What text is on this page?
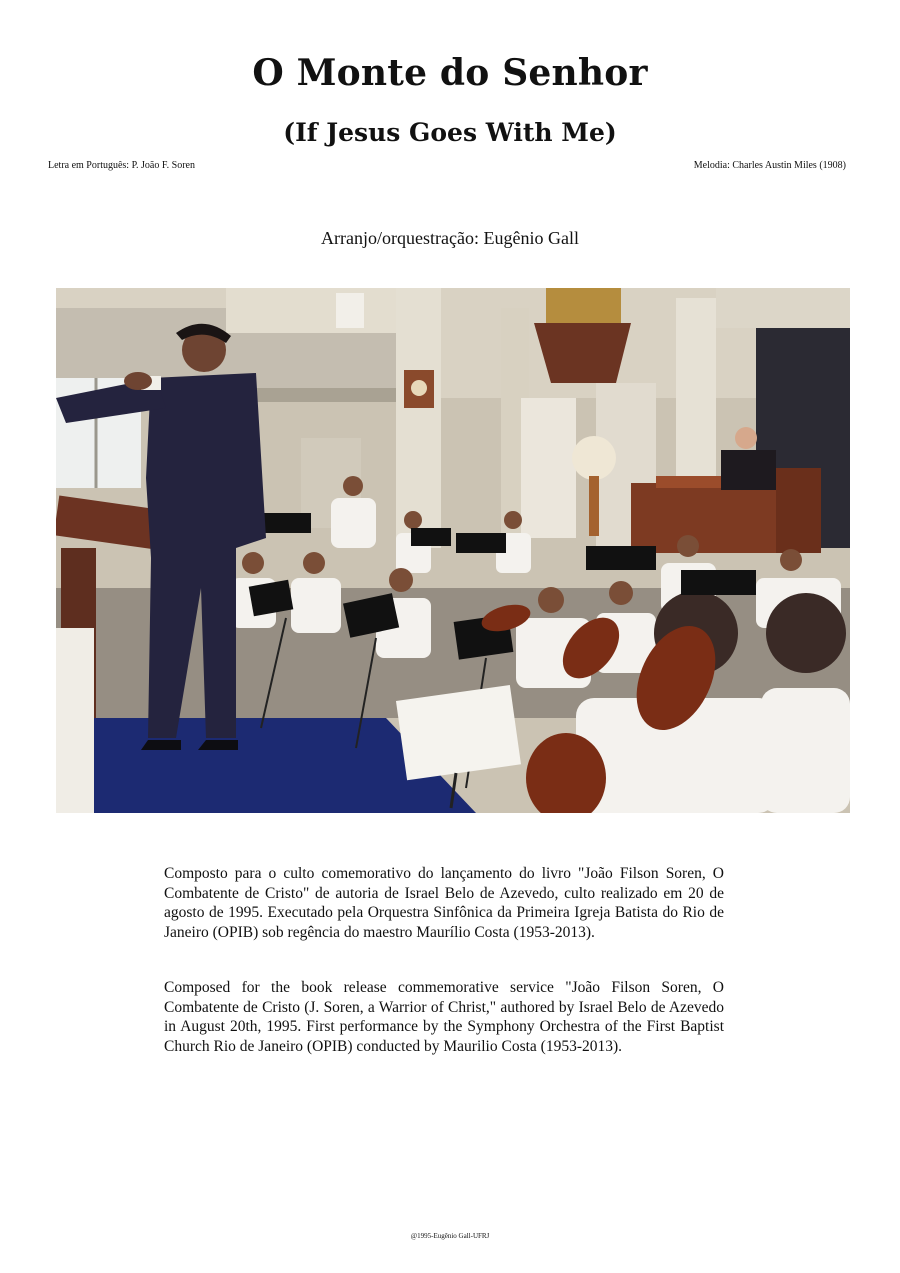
O Monte do Senhor
(If Jesus Goes With Me)
Letra em Português: P. João F. Soren	Melodia: Charles Austin Miles (1908)
Arranjo/orquestração: Eugênio Gall

Composto para o culto comemorativo do lançamento do livro "João Filson Soren, O Combatente de Cristo" de autoria de Israel Belo de Azevedo, culto realizado em 20 de agosto de 1995. Executado pela Orquestra Sinfônica da Primeira Igreja Batista do Rio de Janeiro (OPIB) sob regência do maestro Maurílio Costa (1953-2013).

Composed for the book release commemorative service "João Filson Soren, O Combatente de Cristo (J. Soren, a Warrior of Christ," authored by Israel Belo de Azevedo in August 20th, 1995. First performance by the Symphony Orchestra of the First Baptist Church Rio de Janeiro (OPIB) conducted by Maurilio Costa (1953-2013).

@1995-Eugênio Gall-UFRJ
